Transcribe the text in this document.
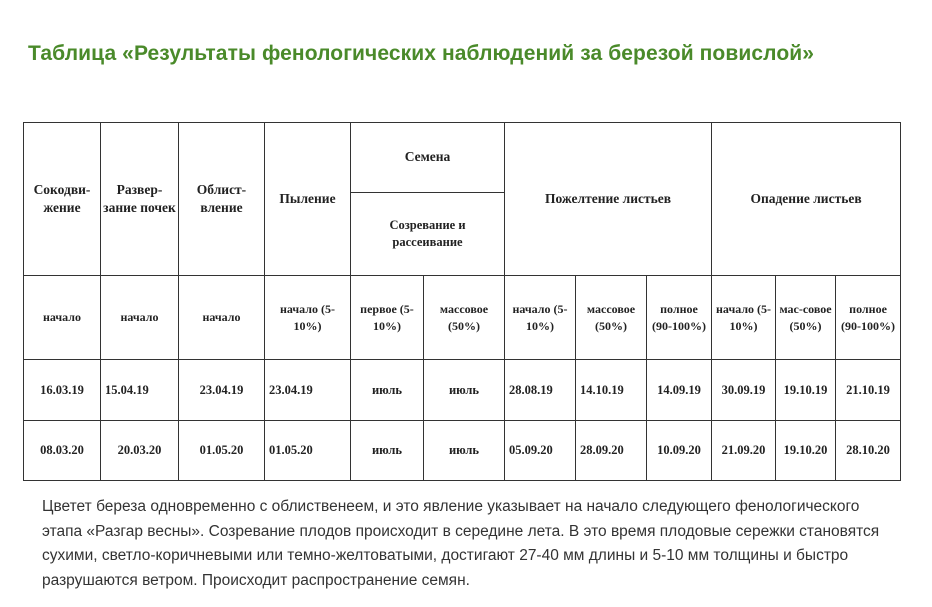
Таблица «Результаты фенологических наблюдений за березой повислой»
Сокодви-жение	Развер-зание почек	Облист-вление	Пыление	Семена		Пожелтение листьев			Опадение листьев		
				Созревание и рассеивание							
начало	начало	начало	начало (5-10%)	первое (5-10%)	массовое (50%)	начало (5-10%)	массовое (50%)	полное (90-100%)	начало (5-10%)	мас-совое (50%)	полное (90-100%)
16.03.19	15.04.19	23.04.19	23.04.19	июль	июль	28.08.19	14.10.19	14.09.19	30.09.19	19.10.19	21.10.19
08.03.20	20.03.20	01.05.20	01.05.20	июль	июль	05.09.20	28.09.20	10.09.20	21.09.20	19.10.20	28.10.20
Цветет береза одновременно с облиственеем, и это явление указывает на начало следующего фенологического этапа «Разгар весны». Созревание плодов происходит в середине лета. В это время плодовые сережки становятся сухими, светло-коричневыми или темно-желтоватыми, достигают 27-40 мм длины и 5-10 мм толщины и быстро разрушаются ветром. Происходит распространение семян.
